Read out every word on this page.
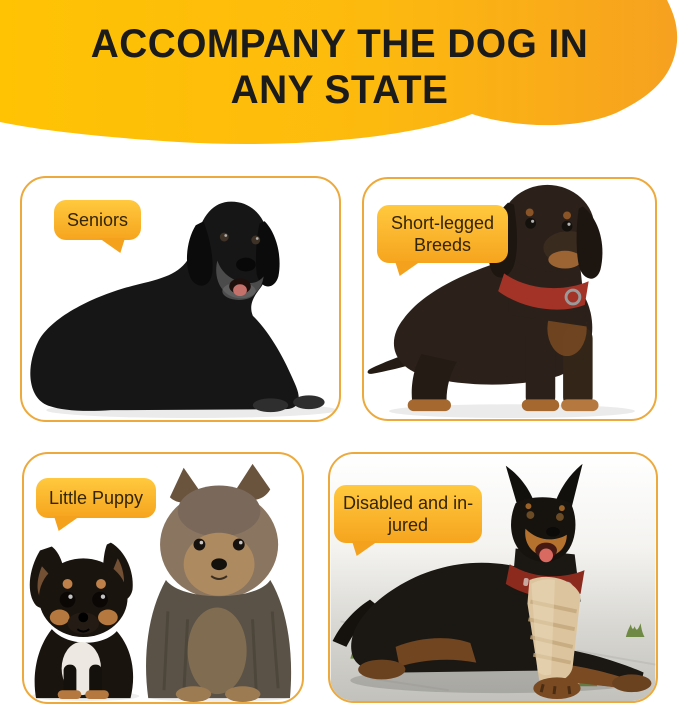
ACCOMPANY THE DOG IN
ANY STATE
Seniors	Short-legged
Breeds
Little Puppy	Disabled and in-
jured
